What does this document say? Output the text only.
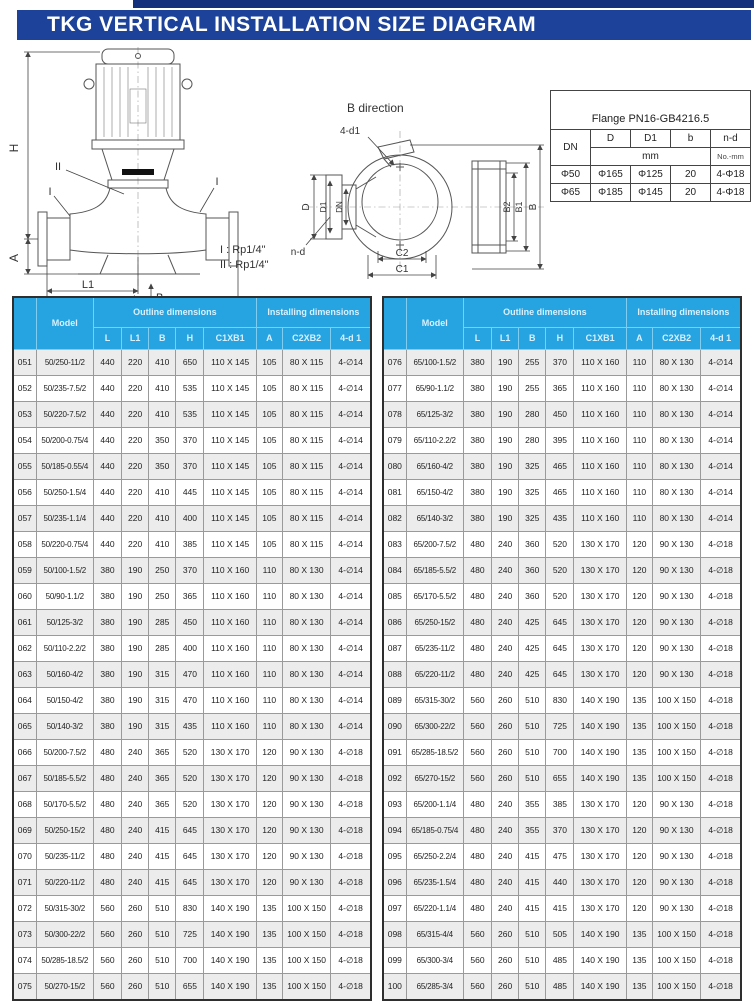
TKG VERTICAL INSTALLATION SIZE DIAGRAM
H
A
L1
II
I
I
B direction
4-d1
D D1 DN
n-d
B2 B1 B
C2
C1
I : Rp1/4"
II : Rp1/4"
Flange PN16-GB4216.5				
DN	D	D1	b	n-d
	mm			No.-mm
Φ50	Φ165	Φ125	20	4-Φ18
Φ65	Φ185	Φ145	20	4-Φ18
	Model	Outline dimensions					Installing dimensions		
		L	L1	B	H	C1XB1	A	C2XB2	4-d 1
051	50/250-11/2	440	220	410	650	110 X 145	105	80 X 115	4-∅14
052	50/235-7.5/2	440	220	410	535	110 X 145	105	80 X 115	4-∅14
053	50/220-7.5/2	440	220	410	535	110 X 145	105	80 X 115	4-∅14
054	50/200-0.75/4	440	220	350	370	110 X 145	105	80 X 115	4-∅14
055	50/185-0.55/4	440	220	350	370	110 X 145	105	80 X 115	4-∅14
056	50/250-1.5/4	440	220	410	445	110 X 145	105	80 X 115	4-∅14
057	50/235-1.1/4	440	220	410	400	110 X 145	105	80 X 115	4-∅14
058	50/220-0.75/4	440	220	410	385	110 X 145	105	80 X 115	4-∅14
059	50/100-1.5/2	380	190	250	370	110 X 160	110	80 X 130	4-∅14
060	50/90-1.1/2	380	190	250	365	110 X 160	110	80 X 130	4-∅14
061	50/125-3/2	380	190	285	450	110 X 160	110	80 X 130	4-∅14
062	50/110-2.2/2	380	190	285	400	110 X 160	110	80 X 130	4-∅14
063	50/160-4/2	380	190	315	470	110 X 160	110	80 X 130	4-∅14
064	50/150-4/2	380	190	315	470	110 X 160	110	80 X 130	4-∅14
065	50/140-3/2	380	190	315	435	110 X 160	110	80 X 130	4-∅14
066	50/200-7.5/2	480	240	365	520	130 X 170	120	90 X 130	4-∅18
067	50/185-5.5/2	480	240	365	520	130 X 170	120	90 X 130	4-∅18
068	50/170-5.5/2	480	240	365	520	130 X 170	120	90 X 130	4-∅18
069	50/250-15/2	480	240	415	645	130 X 170	120	90 X 130	4-∅18
070	50/235-11/2	480	240	415	645	130 X 170	120	90 X 130	4-∅18
071	50/220-11/2	480	240	415	645	130 X 170	120	90 X 130	4-∅18
072	50/315-30/2	560	260	510	830	140 X 190	135	100 X 150	4-∅18
073	50/300-22/2	560	260	510	725	140 X 190	135	100 X 150	4-∅18
074	50/285-18.5/2	560	260	510	700	140 X 190	135	100 X 150	4-∅18
075	50/270-15/2	560	260	510	655	140 X 190	135	100 X 150	4-∅18
	Model	Outline dimensions					Installing dimensions		
		L	L1	B	H	C1XB1	A	C2XB2	4-d 1
076	65/100-1.5/2	380	190	255	370	110 X 160	110	80 X 130	4-∅14
077	65/90-1.1/2	380	190	255	365	110 X 160	110	80 X 130	4-∅14
078	65/125-3/2	380	190	280	450	110 X 160	110	80 X 130	4-∅14
079	65/110-2.2/2	380	190	280	395	110 X 160	110	80 X 130	4-∅14
080	65/160-4/2	380	190	325	465	110 X 160	110	80 X 130	4-∅14
081	65/150-4/2	380	190	325	465	110 X 160	110	80 X 130	4-∅14
082	65/140-3/2	380	190	325	435	110 X 160	110	80 X 130	4-∅14
083	65/200-7.5/2	480	240	360	520	130 X 170	120	90 X 130	4-∅18
084	65/185-5.5/2	480	240	360	520	130 X 170	120	90 X 130	4-∅18
085	65/170-5.5/2	480	240	360	520	130 X 170	120	90 X 130	4-∅18
086	65/250-15/2	480	240	425	645	130 X 170	120	90 X 130	4-∅18
087	65/235-11/2	480	240	425	645	130 X 170	120	90 X 130	4-∅18
088	65/220-11/2	480	240	425	645	130 X 170	120	90 X 130	4-∅18
089	65/315-30/2	560	260	510	830	140 X 190	135	100 X 150	4-∅18
090	65/300-22/2	560	260	510	725	140 X 190	135	100 X 150	4-∅18
091	65/285-18.5/2	560	260	510	700	140 X 190	135	100 X 150	4-∅18
092	65/270-15/2	560	260	510	655	140 X 190	135	100 X 150	4-∅18
093	65/200-1.1/4	480	240	355	385	130 X 170	120	90 X 130	4-∅18
094	65/185-0.75/4	480	240	355	370	130 X 170	120	90 X 130	4-∅18
095	65/250-2.2/4	480	240	415	475	130 X 170	120	90 X 130	4-∅18
096	65/235-1.5/4	480	240	415	440	130 X 170	120	90 X 130	4-∅18
097	65/220-1.1/4	480	240	415	415	130 X 170	120	90 X 130	4-∅18
098	65/315-4/4	560	260	510	505	140 X 190	135	100 X 150	4-∅18
099	65/300-3/4	560	260	510	485	140 X 190	135	100 X 150	4-∅18
100	65/285-3/4	560	260	510	485	140 X 190	135	100 X 150	4-∅18
